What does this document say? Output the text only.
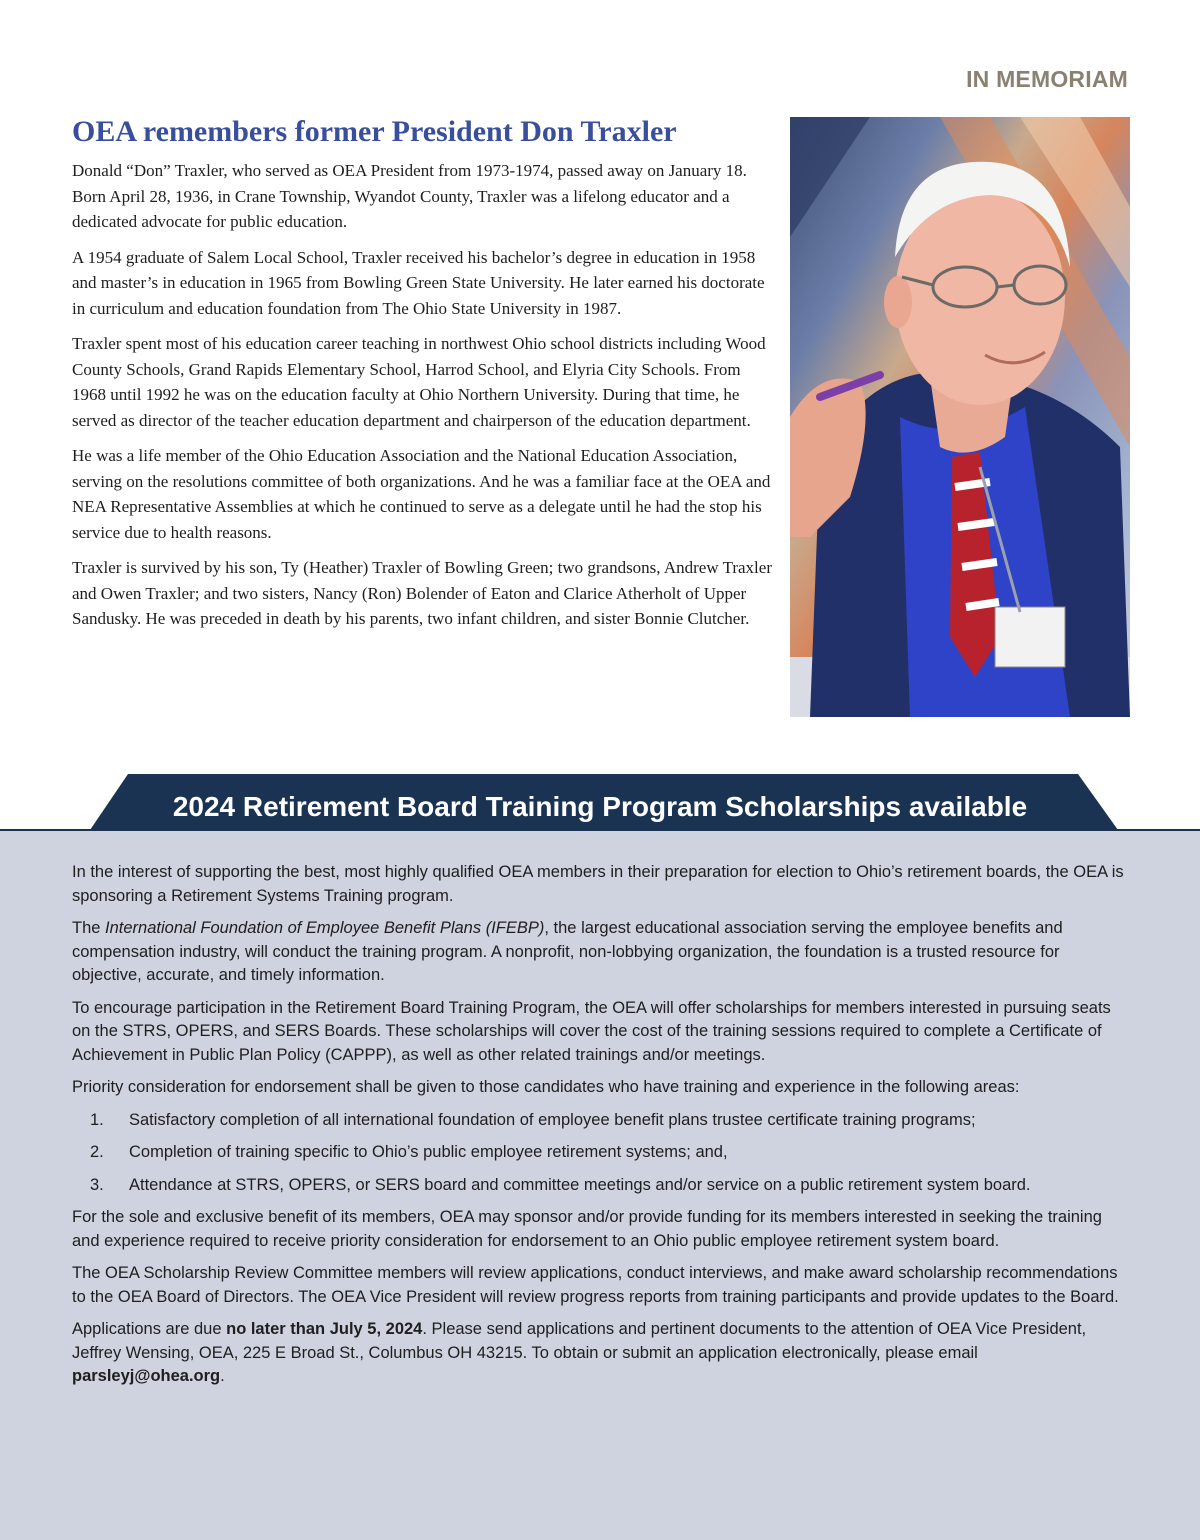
IN MEMORIAM
OEA remembers former President Don Traxler

Donald “Don” Traxler, who served as OEA President from 1973-1974, passed away on January 18. Born April 28, 1936, in Crane Township, Wyandot County, Traxler was a lifelong educator and a dedicated advocate for public education.

A 1954 graduate of Salem Local School, Traxler received his bachelor’s degree in education in 1958 and master’s in education in 1965 from Bowling Green State University. He later earned his doctorate in curriculum and education foundation from The Ohio State University in 1987.

Traxler spent most of his education career teaching in northwest Ohio school districts including Wood County Schools, Grand Rapids Elementary School, Harrod School, and Elyria City Schools. From 1968 until 1992 he was on the education faculty at Ohio Northern University. During that time, he served as director of the teacher education department and chairperson of the education department.

He was a life member of the Ohio Education Association and the National Education Association, serving on the resolutions committee of both organizations. And he was a familiar face at the OEA and NEA Representative Assemblies at which he continued to serve as a delegate until he had the stop his service due to health reasons.

Traxler is survived by his son, Ty (Heather) Traxler of Bowling Green; two grandsons, Andrew Traxler and Owen Traxler; and two sisters, Nancy (Ron) Bolender of Eaton and Clarice Atherholt of Upper Sandusky. He was preceded in death by his parents, two infant children, and sister Bonnie Clutcher.

2024 Retirement Board Training Program Scholarships available

In the interest of supporting the best, most highly qualified OEA members in their preparation for election to Ohio’s retirement boards, the OEA is sponsoring a Retirement Systems Training program.

The International Foundation of Employee Benefit Plans (IFEBP), the largest educational association serving the employee benefits and compensation industry, will conduct the training program. A nonprofit, non-lobbying organization, the foundation is a trusted resource for objective, accurate, and timely information.

To encourage participation in the Retirement Board Training Program, the OEA will offer scholarships for members interested in pursuing seats on the STRS, OPERS, and SERS Boards. These scholarships will cover the cost of the training sessions required to complete a Certificate of Achievement in Public Plan Policy (CAPPP), as well as other related trainings and/or meetings.

Priority consideration for endorsement shall be given to those candidates who have training and experience in the following areas:

1. Satisfactory completion of all international foundation of employee benefit plans trustee certificate training programs;
2. Completion of training specific to Ohio’s public employee retirement systems; and,
3. Attendance at STRS, OPERS, or SERS board and committee meetings and/or service on a public retirement system board.

For the sole and exclusive benefit of its members, OEA may sponsor and/or provide funding for its members interested in seeking the training and experience required to receive priority consideration for endorsement to an Ohio public employee retirement system board.

The OEA Scholarship Review Committee members will review applications, conduct interviews, and make award scholarship recommendations to the OEA Board of Directors. The OEA Vice President will review progress reports from training participants and provide updates to the Board.

Applications are due no later than July 5, 2024. Please send applications and pertinent documents to the attention of OEA Vice President, Jeffrey Wensing, OEA, 225 E Broad St., Columbus OH 43215. To obtain or submit an application electronically, please email parsleyj@ohea.org.
